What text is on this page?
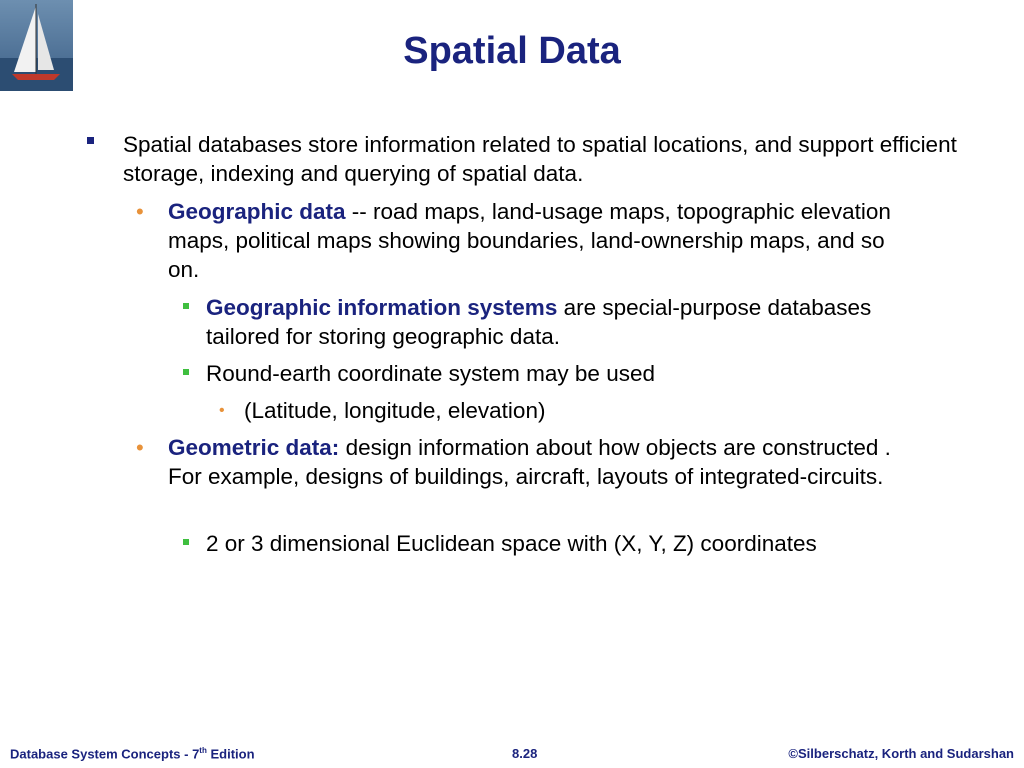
Spatial Data
Spatial databases store information related to spatial locations, and support efficient storage, indexing and querying of spatial data.
• Geographic data -- road maps, land-usage maps, topographic elevation maps, political maps showing boundaries, land-ownership maps, and so on.
Geographic information systems are special-purpose databases tailored for storing geographic data.
Round-earth coordinate system may be used
• (Latitude, longitude, elevation)
• Geometric data: design information about how objects are constructed . For example, designs of buildings, aircraft, layouts of integrated-circuits.
2 or 3 dimensional Euclidean space with (X, Y, Z) coordinates
Database System Concepts - 7th Edition	8.28	©Silberschatz, Korth and Sudarshan
